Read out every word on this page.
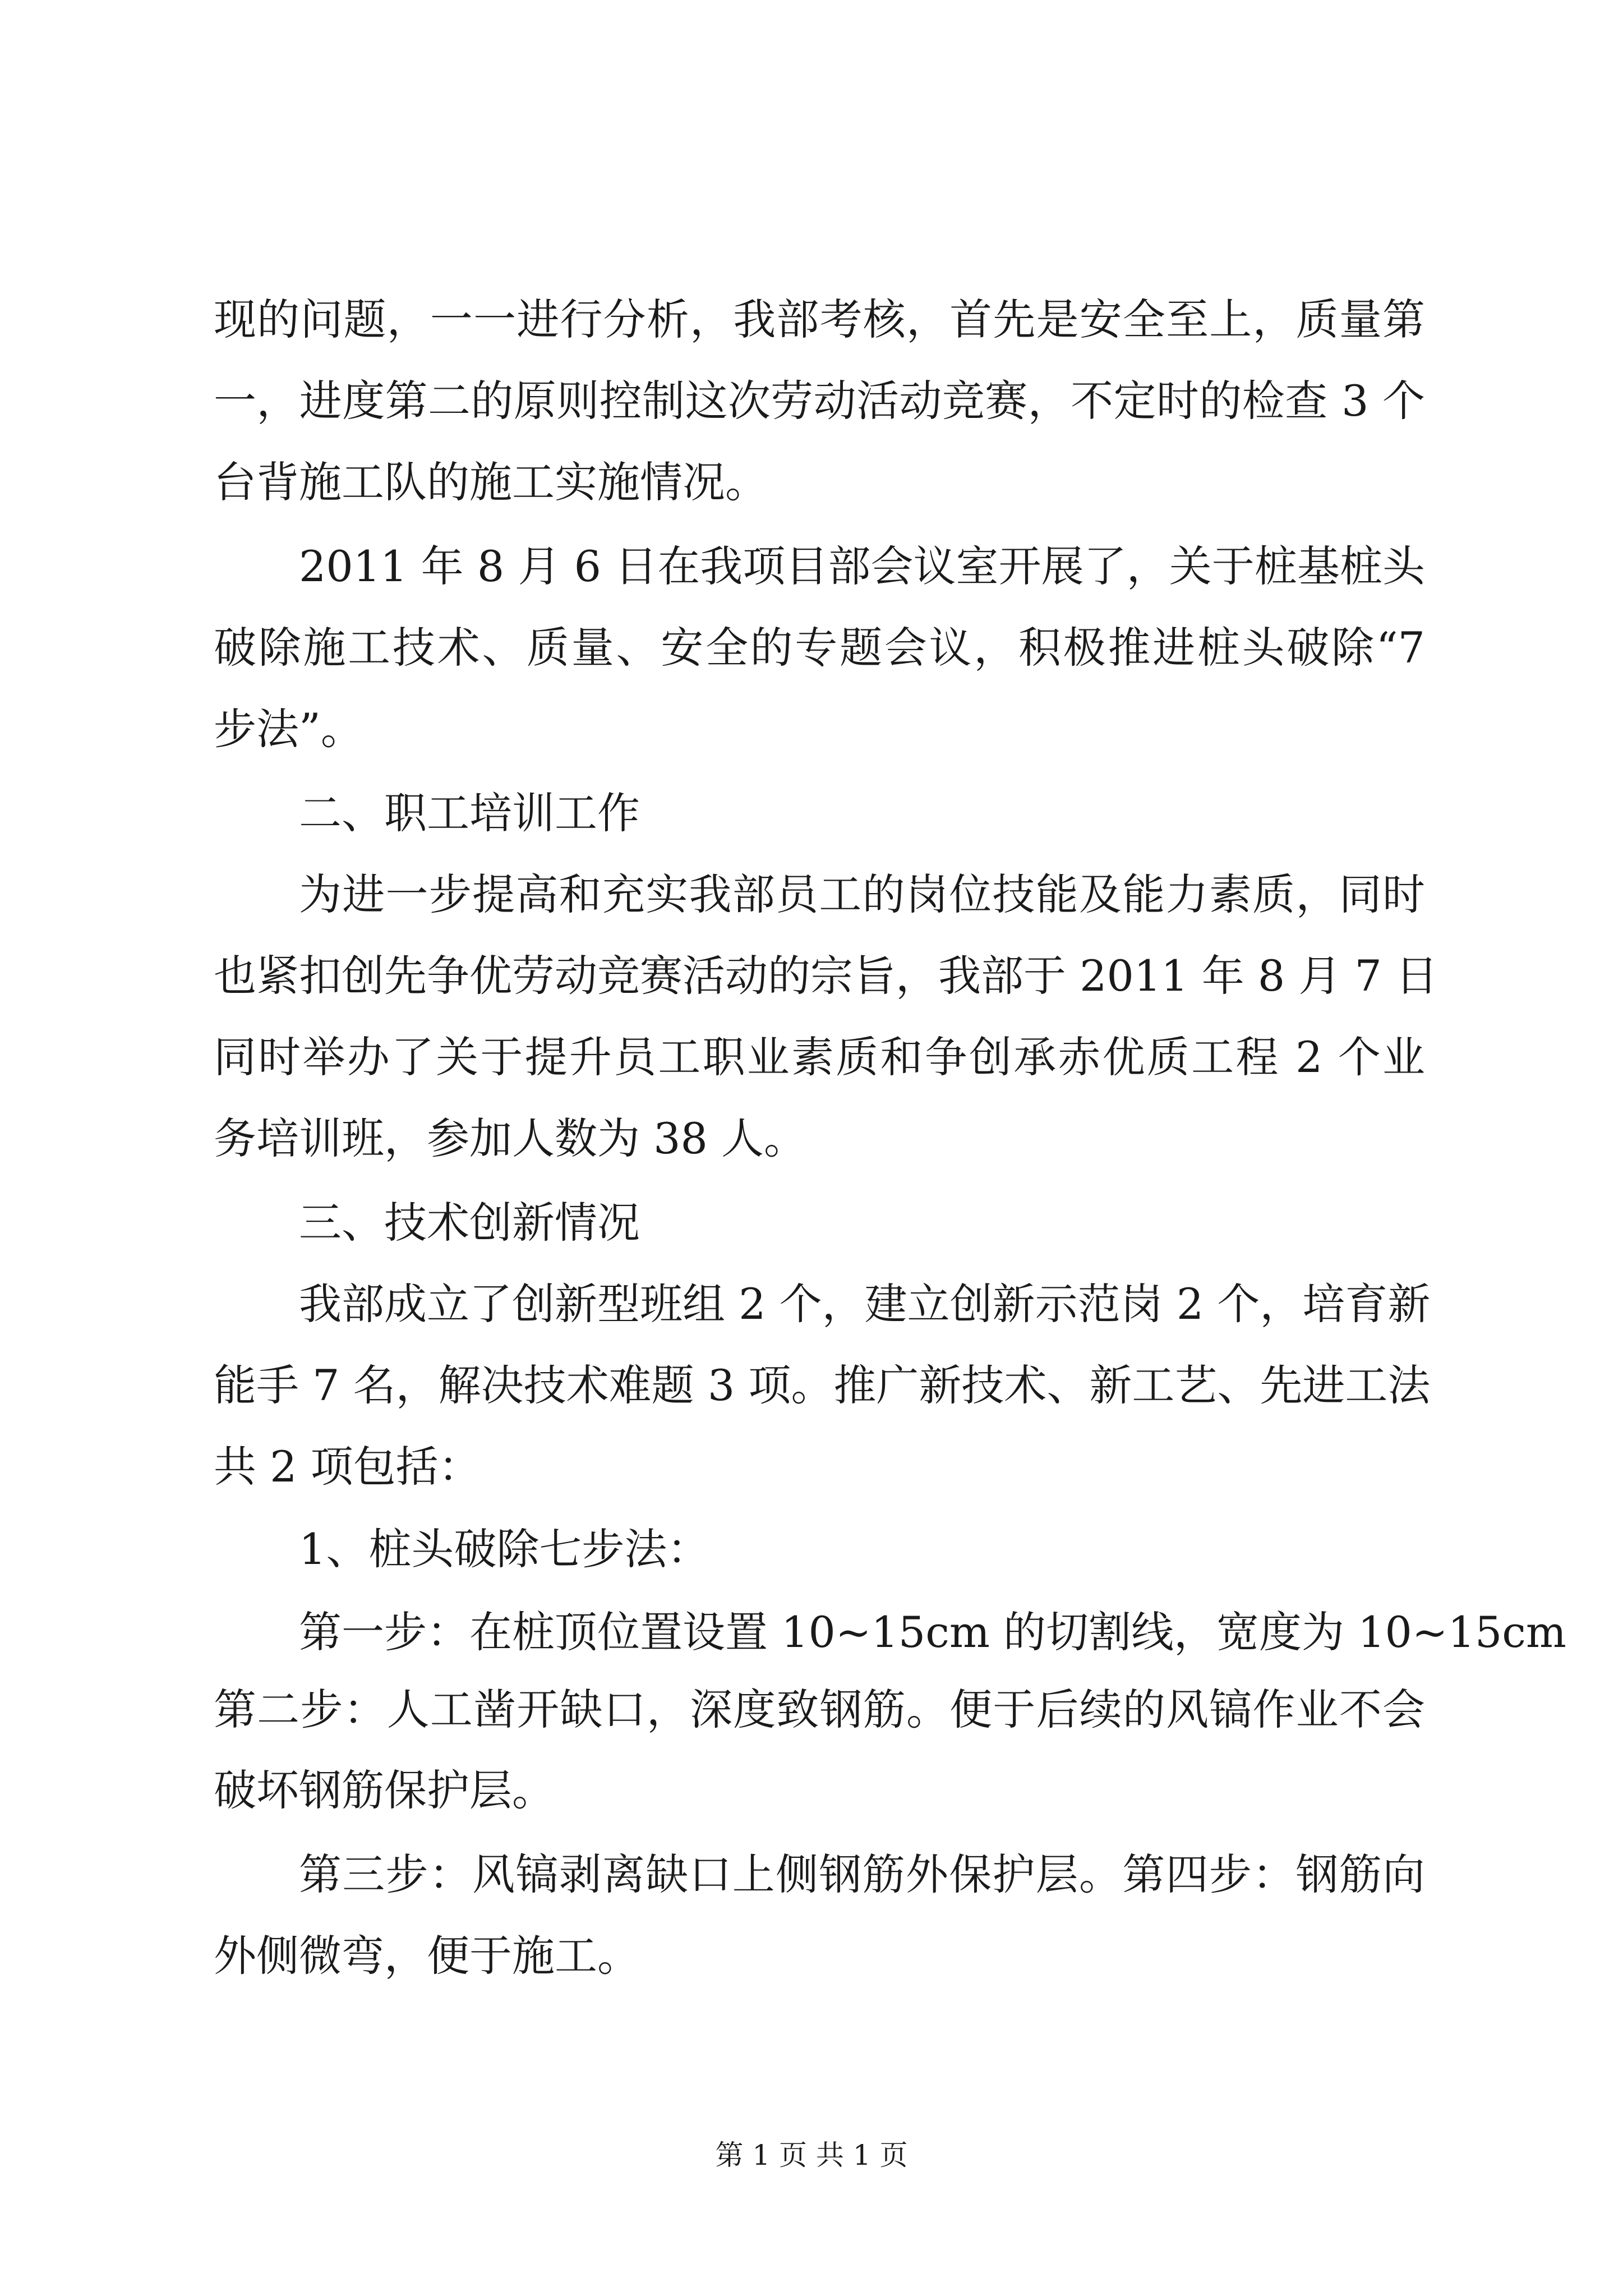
现的问题，一一进行分析，我部考核，首先是安全至上，质量第
一，进度第二的原则控制这次劳动活动竞赛，不定时的检查 3 个
台背施工队的施工实施情况。
2011 年 8 月 6 日在我项目部会议室开展了，关于桩基桩头
破除施工技术、质量、安全的专题会议，积极推进桩头破除“7
步法”。
二、职工培训工作
为进一步提高和充实我部员工的岗位技能及能力素质，同时
也紧扣创先争优劳动竞赛活动的宗旨，我部于 2011 年 8 月 7 日
同时举办了关于提升员工职业素质和争创承赤优质工程 2 个业
务培训班，参加人数为 38 人。
三、技术创新情况
我部成立了创新型班组 2 个，建立创新示范岗 2 个，培育新
能手 7 名，解决技术难题 3 项。推广新技术、新工艺、先进工法
共 2 项包括：
1、桩头破除七步法：
第一步：在桩顶位置设置 10~15cm 的切割线，宽度为 10~15cm
第二步：人工凿开缺口，深度致钢筋。便于后续的风镐作业不会
破坏钢筋保护层。
第三步：风镐剥离缺口上侧钢筋外保护层。第四步：钢筋向
外侧微弯，便于施工。
第 1 页 共 1 页
